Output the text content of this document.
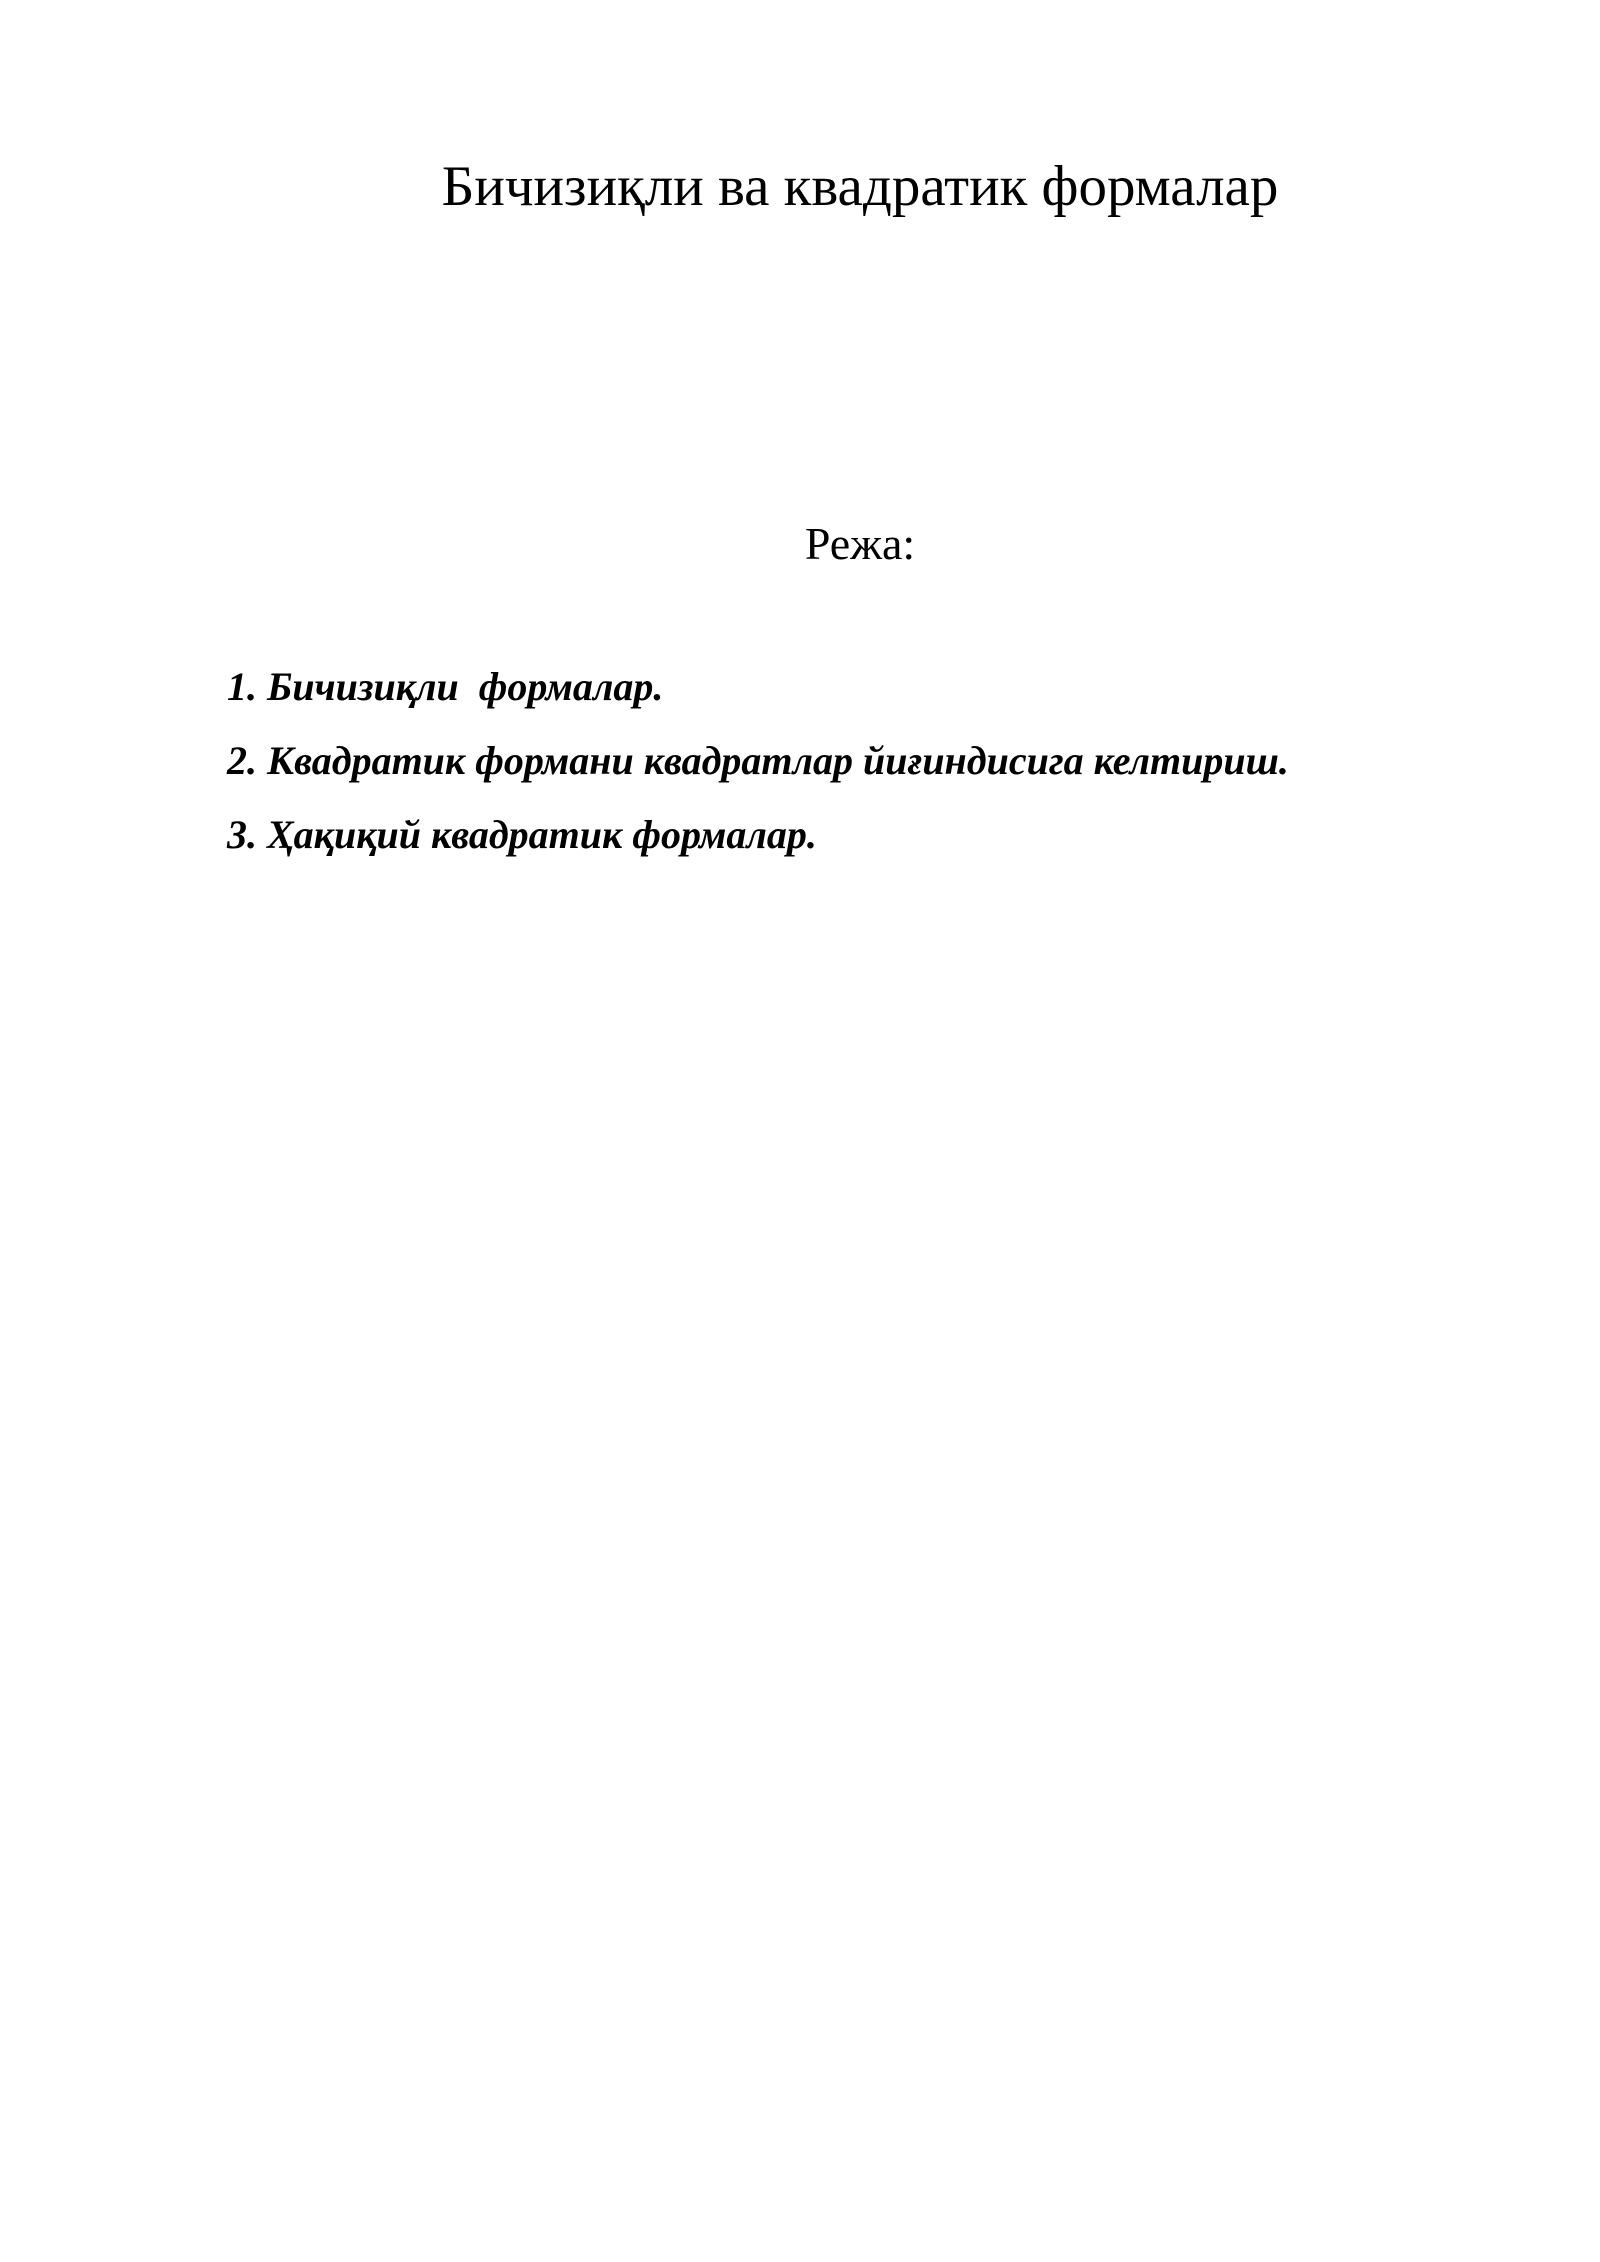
Бичизиқли ва квадратик формалар

Режа:

1. Бичизиқли  формалар.
2. Квадратик формани квадратлар йиғиндисига келтириш.
3. Ҳақиқий квадратик формалар.
